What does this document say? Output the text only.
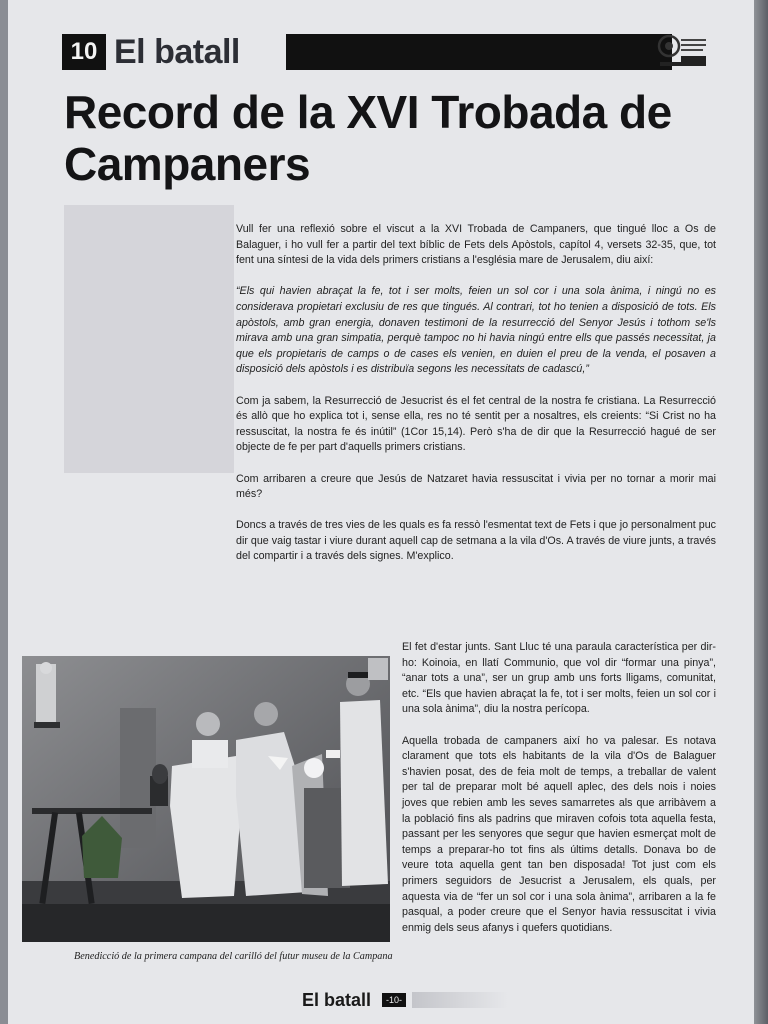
10 El batall
Record de la XVI Trobada de Campaners

Vull fer una reflexió sobre el viscut a la XVI Trobada de Campaners, que tingué lloc a Os de Balaguer, i ho vull fer a partir del text bíblic de Fets dels Apòstols, capítol 4, versets 32-35, que, tot fent una síntesi de la vida dels primers cristians a l'església mare de Jerusalem, diu així:

“Els qui havien abraçat la fe, tot i ser molts, feien un sol cor i una sola ànima, i ningú no es considerava propietari exclusiu de res que tingués. Al contrari, tot ho tenien a disposició de tots. Els apòstols, amb gran energia, donaven testimoni de la resurrecció del Senyor Jesús i tothom se'ls mirava amb una gran simpatia, perquè tampoc no hi havia ningú entre ells que passés necessitat, ja que els propietaris de camps o de cases els venien, en duien el preu de la venda, el posaven a disposició dels apòstols i es distribuïa segons les necessitats de cadascú,”

Com ja sabem, la Resurrecció de Jesucrist és el fet central de la nostra fe cristiana. La Resurrecció és allò que ho explica tot i, sense ella, res no té sentit per a nosaltres, els creients: “Si Crist no ha ressuscitat, la nostra fe és inútil” (1Cor 15,14). Però s'ha de dir que la Resurrecció hagué de ser objecte de fe per part d'aquells primers cristians.

Com arribaren a creure que Jesús de Natzaret havia ressuscitat i vivia per no tornar a morir mai més?

Doncs a través de tres vies de les quals es fa ressò l'esmentat text de Fets i que jo personalment puc dir que vaig tastar i viure durant aquell cap de setmana a la vila d'Os. A través de viure junts, a través del compartir i a través dels signes. M'explico.

El fet d'estar junts. Sant Lluc té una paraula característica per dir-ho: Koinoia, en llatí Communio, que vol dir “formar una pinya”, “anar tots a una”, ser un grup amb uns forts lligams, comunitat, etc. “Els que havien abraçat la fe, tot i ser molts, feien un sol cor i una sola ànima”, diu la nostra perícopa.

Aquella trobada de campaners així ho va palesar. Es notava clarament que tots els habitants de la vila d'Os de Balaguer s'havien posat, des de feia molt de temps, a treballar de valent per tal de preparar molt bé aquell aplec, des dels nois i noies joves que rebien amb les seves samarretes als que arribàvem a la població fins als padrins que miraven cofois tota aquella festa, passant per les senyores que segur que havien esmerçat molt de temps a preparar-ho tot fins als últims detalls. Donava bo de veure tota aquella gent tan ben disposada! Tot just com els primers seguidors de Jesucrist a Jerusalem, els quals, per aquesta via de “fer un sol cor i una sola ànima”, arribaren a la fe pasqual, a poder creure que el Senyor havia ressuscitat i vivia enmig dels seus afanys i quefers quotidians.

Benedicció de la primera campana del carilló del futur museu de la Campana
El batall	-10-
